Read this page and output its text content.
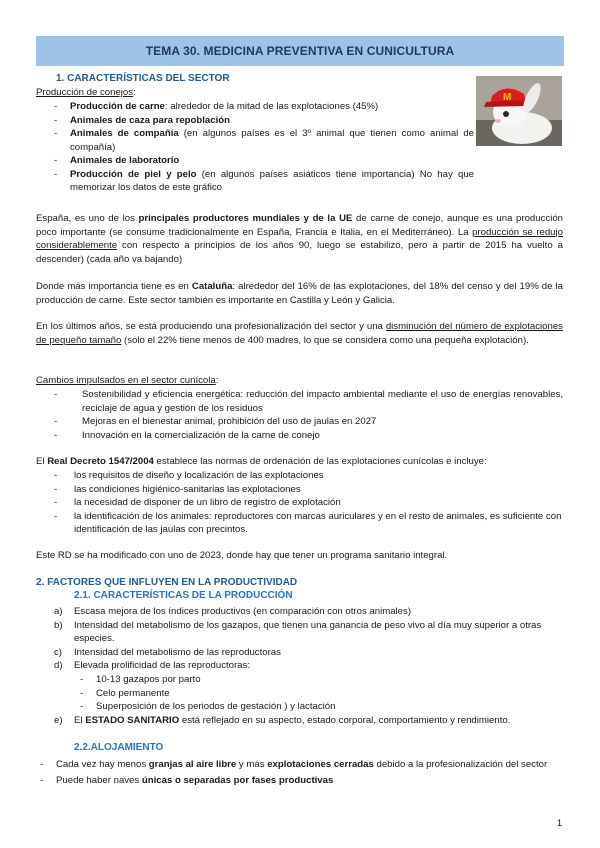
TEMA 30. MEDICINA PREVENTIVA EN CUNICULTURA
1. CARACTERÍSTICAS DEL SECTOR
Producción de conejos:
- Producción de carne: alrededor de la mitad de las explotaciones (45%)
- Animales de caza para repoblación
- Animales de compañía (en algunos países es el 3º animal que tienen como animal de compañía)
- Animales de laboratorio
- Producción de piel y pelo (en algunos países asiáticos tiene importancia) No hay que memorizar los datos de este gráfico
M
España, es uno de los principales productores mundiales y de la UE de carne de conejo, aunque es una producción poco importante (se consume tradicionalmente en España, Francia e Italia, en el Mediterráneo). La producción se redujo considerablemente con respecto a principios de los años 90, luego se estabilizo, pero a partir de 2015 ha vuelto a descender) (cada año va bajando)
Donde más importancia tiene es en Cataluña: alrededor del 16% de las explotaciones, del 18% del censo y del 19% de la producción de carne. Este sector también es importante en Castilla y León y Galicia.
En los últimos años, se está produciendo una profesionalización del sector y una disminución del número de explotaciones de pequeño tamaño (solo el 22% tiene menos de 400 madres, lo que se considera como una pequeña explotación).
Cambios impulsados en el sector cunícola:
- Sostenibilidad y eficiencia energética: reducción del impacto ambiental mediante el uso de energías renovables, reciclaje de agua y gestión de los residuos
- Mejoras en el bienestar animal, prohibición del uso de jaulas en 2027
- Innovación en la comercialización de la carne de conejo
El Real Decreto 1547/2004 establece las normas de ordenación de las explotaciones cunícolas e incluye:
- los requisitos de diseño y localización de las explotaciones
- las condiciones higiénico-sanitarias las explotaciones
- la necesidad de disponer de un libro de registro de explotación
- la identificación de los animales: reproductores con marcas auriculares y en el resto de animales, es suficiente con identificación de las jaulas con precintos.
Este RD se ha modificado con uno de 2023, donde hay que tener un programa sanitario integral.
2. FACTORES QUE INFLUYEN EN LA PRODUCTIVIDAD
2.1. CARACTERÍSTICAS DE LA PRODUCCIÓN
a) Escasa mejora de los índices productivos (en comparación con otros animales)
b) Intensidad del metabolismo de los gazapos, que tienen una ganancia de peso vivo al día muy superior a otras especies.
c) Intensidad del metabolismo de las reproductoras
d) Elevada prolificidad de las reproductoras:
- 10-13 gazapos por parto
- Celo permanente
- Superposición de los periodos de gestación ) y lactación
e) El ESTADO SANITARIO está reflejado en su aspecto, estado corporal, comportamiento y rendimiento.
2.2.ALOJAMIENTO
- Cada vez hay menos granjas al aire libre y más explotaciones cerradas debido a la profesionalización del sector
- Puede haber naves únicas o separadas por fases productivas
1
